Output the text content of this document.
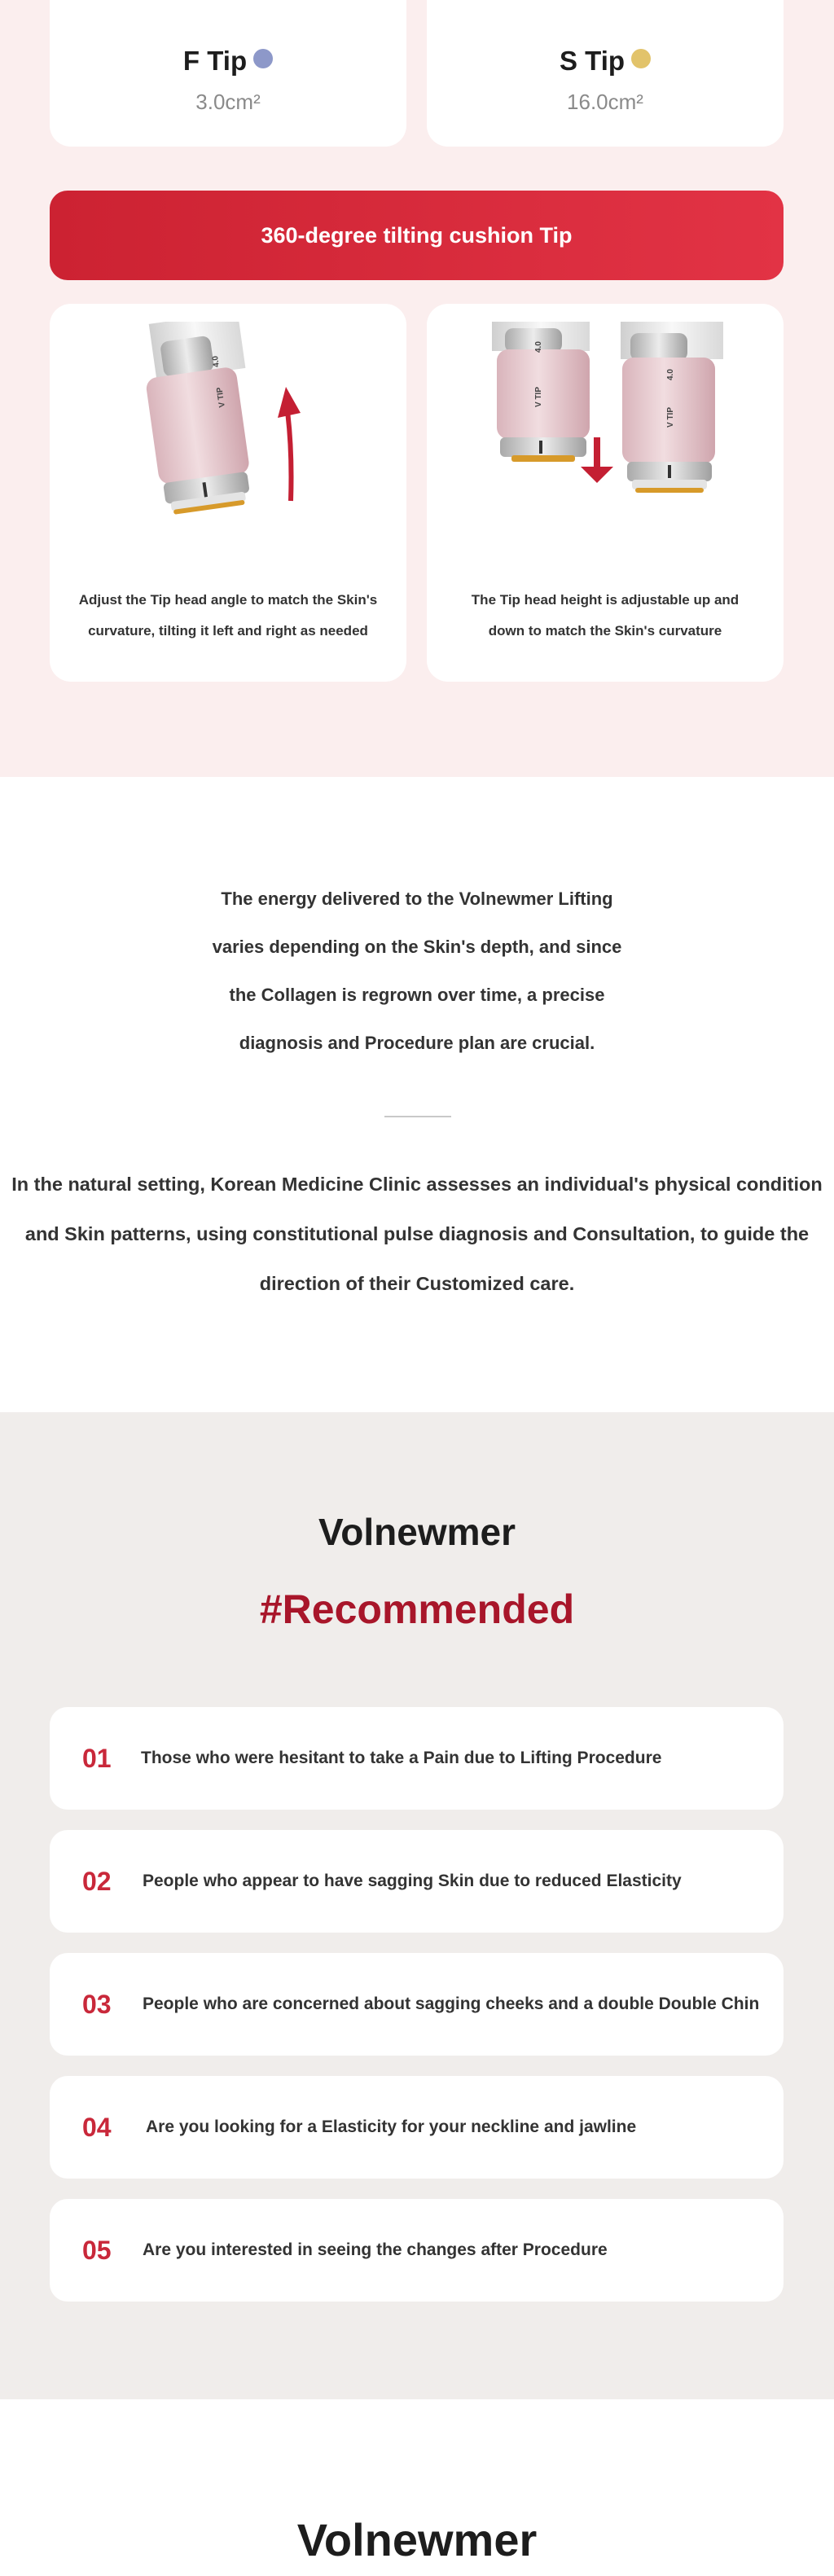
F Tip
3.0cm²
S Tip
16.0cm²
360-degree tilting cushion Tip
V TIP
4.0
Adjust the Tip head angle to match the Skin's
curvature, tilting it left and right as needed
V TIP
4.0
V TIP
4.0
The Tip head height is adjustable up and
down to match the Skin's curvature
The energy delivered to the Volnewmer Lifting
varies depending on the Skin's depth, and since
the Collagen is regrown over time, a precise
diagnosis and Procedure plan are crucial.
In the natural setting, Korean Medicine Clinic assesses an individual's physical condition
and Skin patterns, using constitutional pulse diagnosis and Consultation, to guide the
direction of their Customized care.
Volnewmer
#Recommended
01 Those who were hesitant to take a Pain due to Lifting Procedure
02 People who appear to have sagging Skin due to reduced Elasticity
03 People who are concerned about sagging cheeks and a double Double Chin
04 Are you looking for a Elasticity for your neckline and jawline
05 Are you interested in seeing the changes after Procedure
Volnewmer
